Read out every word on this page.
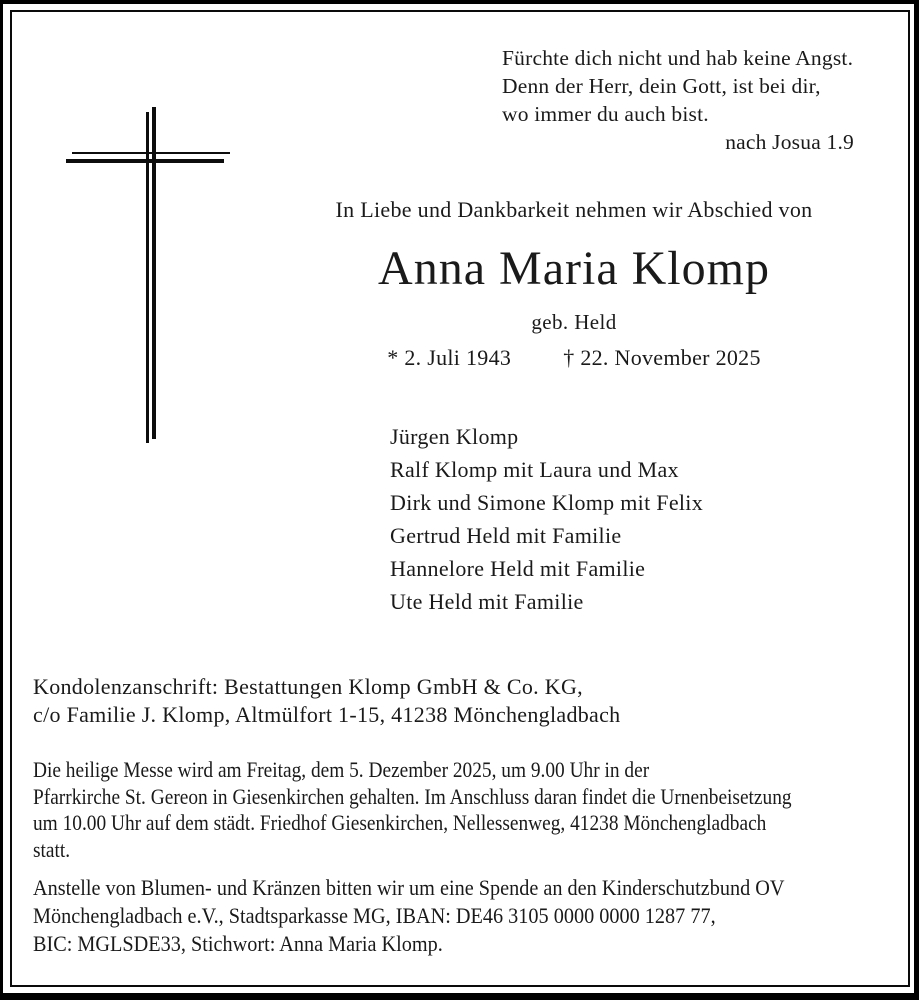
Fürchte dich nicht und hab keine Angst.
Denn der Herr, dein Gott, ist bei dir,
wo immer du auch bist.
nach Josua 1.9
In Liebe und Dankbarkeit nehmen wir Abschied von
Anna Maria Klomp
geb. Held
* 2. Juli 1943 † 22. November 2025
Jürgen Klomp
Ralf Klomp mit Laura und Max
Dirk und Simone Klomp mit Felix
Gertrud Held mit Familie
Hannelore Held mit Familie
Ute Held mit Familie
Kondolenzanschrift: Bestattungen Klomp GmbH & Co. KG,
c/o Familie J. Klomp, Altmülfort 1-15, 41238 Mönchengladbach
Die heilige Messe wird am Freitag, dem 5. Dezember 2025, um 9.00 Uhr in der
Pfarrkirche St. Gereon in Giesenkirchen gehalten. Im Anschluss daran findet die Urnenbeisetzung
um 10.00 Uhr auf dem städt. Friedhof Giesenkirchen, Nellessenweg, 41238 Mönchengladbach
statt.
Anstelle von Blumen- und Kränzen bitten wir um eine Spende an den Kinderschutzbund OV
Mönchengladbach e.V., Stadtsparkasse MG, IBAN: DE46 3105 0000 0000 1287 77,
BIC: MGLSDE33, Stichwort: Anna Maria Klomp.
